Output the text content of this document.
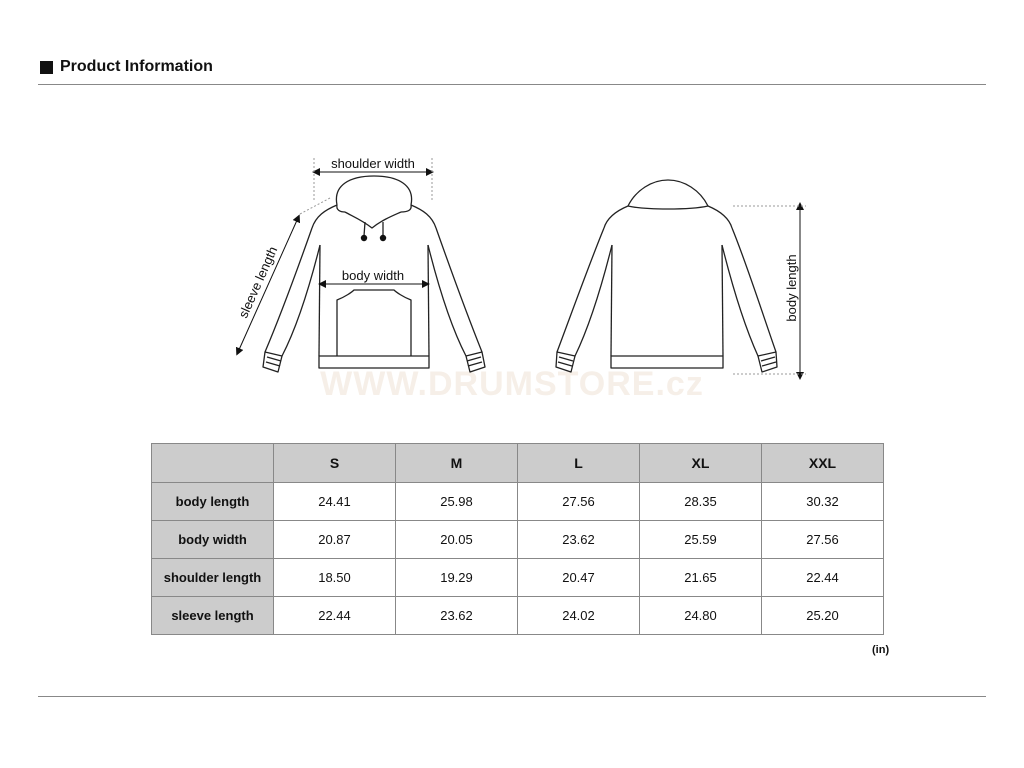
Product Information
WWW.DRUMSTORE.cz
shoulder width
body width
sleeve length	body length
	S	M	L	XL	XXL
body length	24.41	25.98	27.56	28.35	30.32
body width	20.87	20.05	23.62	25.59	27.56
shoulder length	18.50	19.29	20.47	21.65	22.44
sleeve length	22.44	23.62	24.02	24.80	25.20
(in)
